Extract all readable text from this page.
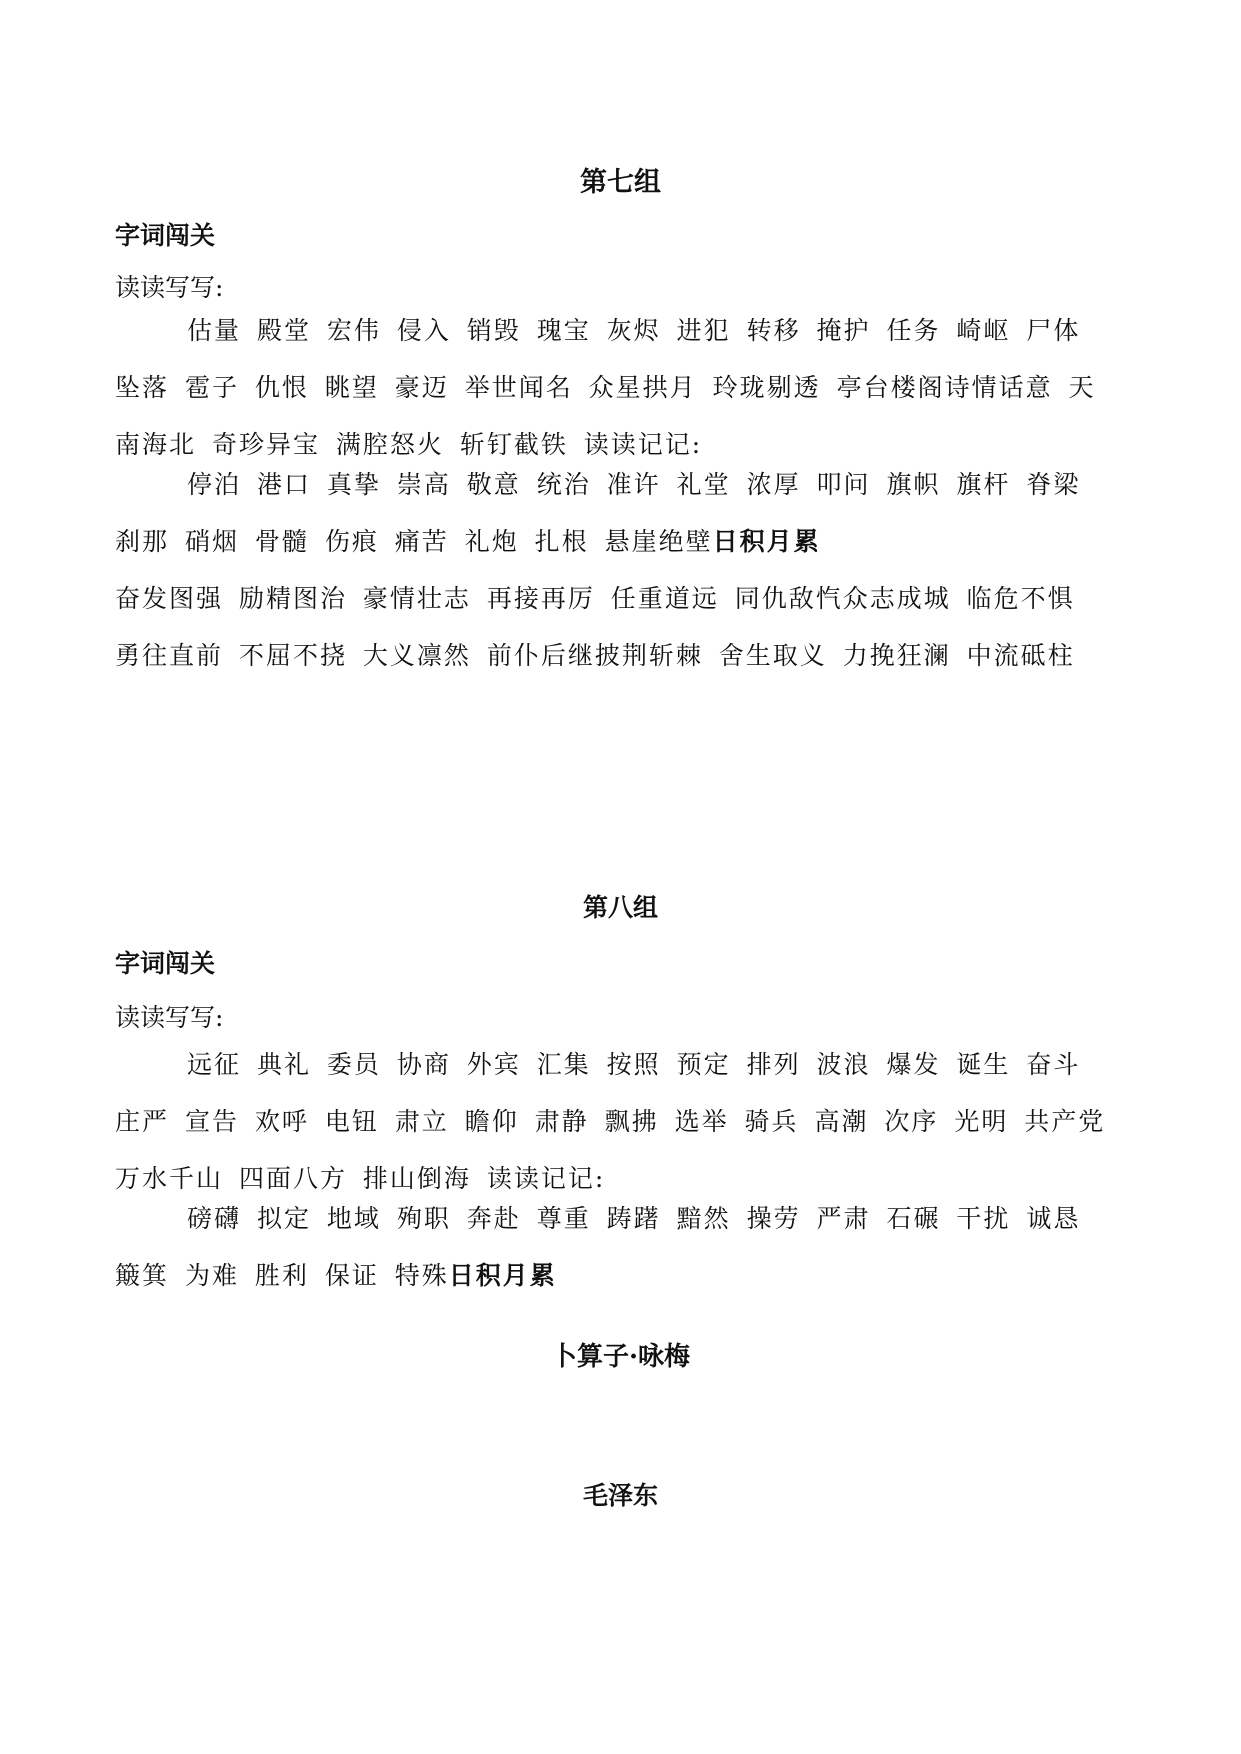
第七组
字词闯关
读读写写:
估量 殿堂 宏伟 侵入 销毁 瑰宝 灰烬 进犯 转移 掩护 任务 崎岖 尸体
坠落 雹子 仇恨 眺望 豪迈 举世闻名 众星拱月 玲珑剔透 亭台楼阁诗情话意 天
南海北 奇珍异宝 满腔怒火 斩钉截铁 读读记记:
停泊 港口 真挚 崇高 敬意 统治 准许 礼堂 浓厚 叩问 旗帜 旗杆 脊梁
刹那 硝烟 骨髓 伤痕 痛苦 礼炮 扎根 悬崖绝壁日积月累
奋发图强 励精图治 豪情壮志 再接再厉 任重道远 同仇敌忾众志成城 临危不惧
勇往直前 不屈不挠 大义凛然 前仆后继披荆斩棘 舍生取义 力挽狂澜 中流砥柱
第八组
字词闯关
读读写写:
远征 典礼 委员 协商 外宾 汇集 按照 预定 排列 波浪 爆发 诞生 奋斗
庄严 宣告 欢呼 电钮 肃立 瞻仰 肃静 飘拂 选举 骑兵 高潮 次序 光明 共产党
万水千山 四面八方 排山倒海 读读记记:
磅礴 拟定 地域 殉职 奔赴 尊重 踌躇 黯然 操劳 严肃 石碾 干扰 诚恳
簸箕 为难 胜利 保证 特殊日积月累
卜算子·咏梅
毛泽东
